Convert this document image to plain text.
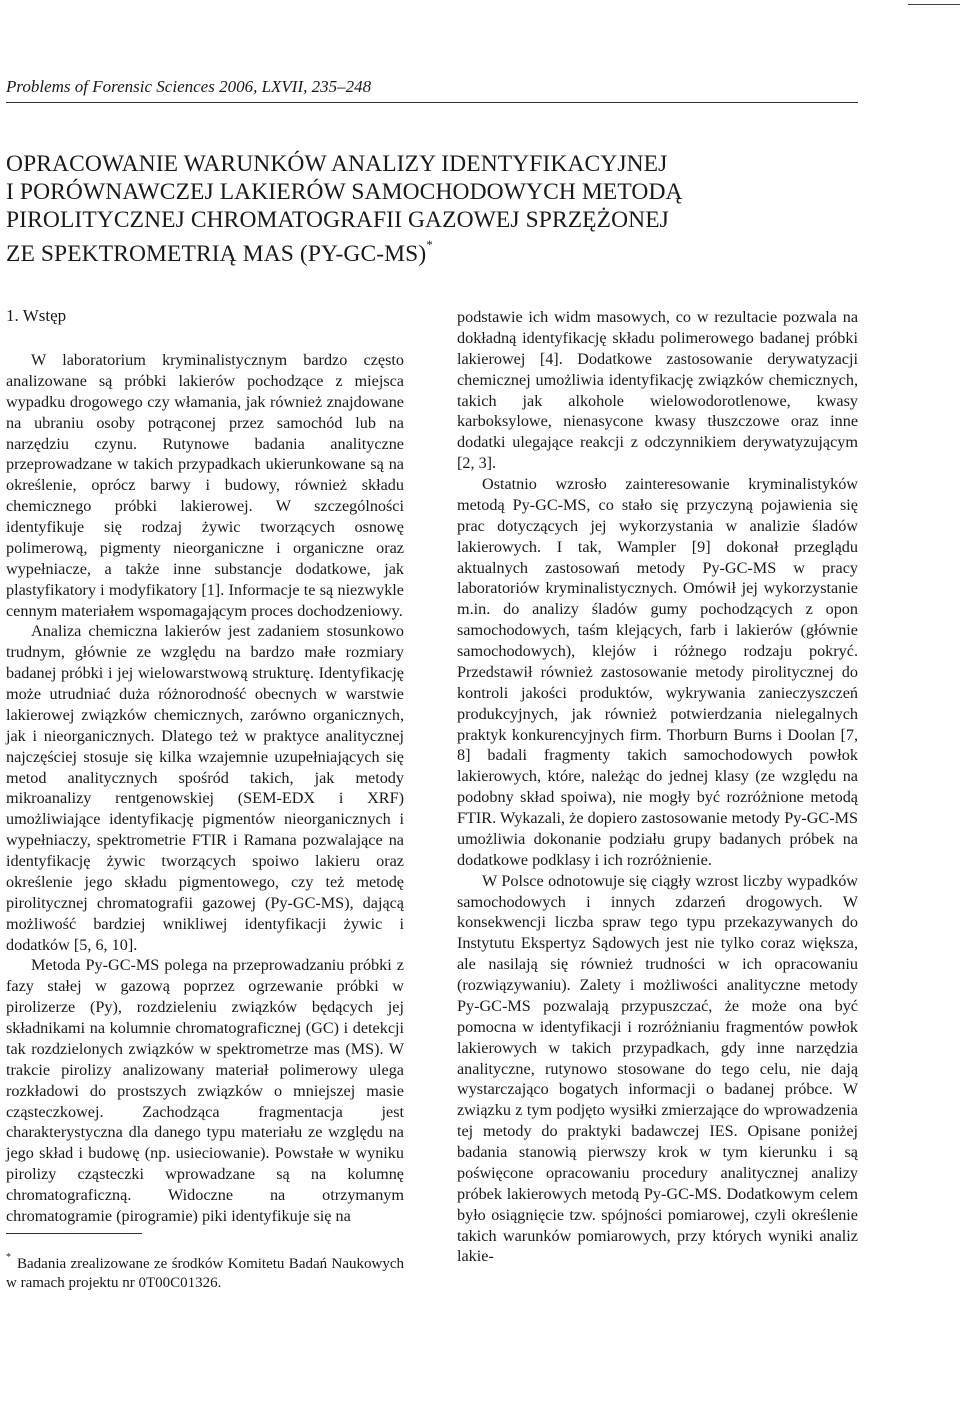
Problems of Forensic Sciences 2006, LXVII, 235–248
OPRACOWANIE WARUNKÓW ANALIZY IDENTYFIKACYJNEJ
I PORÓWNAWCZEJ LAKIERÓW SAMOCHODOWYCH METODĄ
PIROLITYCZNEJ CHROMATOGRAFII GAZOWEJ SPRZĘŻONEJ
ZE SPEKTROMETRIĄ MAS (PY-GC-MS)*
1. Wstęp

W laboratorium kryminalistycznym bardzo często analizowane są próbki lakierów pochodzące z miejsca wypadku drogowego czy włamania, jak również znajdowane na ubraniu osoby potrąconej przez samochód lub na narzędziu czynu. Rutynowe badania analityczne przeprowadzane w takich przypadkach ukierunkowane są na określenie, oprócz barwy i budowy, również składu chemicznego próbki lakierowej. W szczególności identyfikuje się rodzaj żywic tworzących osnowę polimerową, pigmenty nieorganiczne i organiczne oraz wypełniacze, a także inne substancje dodatkowe, jak plastyfikatory i modyfikatory [1]. Informacje te są niezwykle cennym materiałem wspomagającym proces dochodzeniowy.

Analiza chemiczna lakierów jest zadaniem stosunkowo trudnym, głównie ze względu na bardzo małe rozmiary badanej próbki i jej wielowarstwową strukturę. Identyfikację może utrudniać duża różnorodność obecnych w warstwie lakierowej związków chemicznych, zarówno organicznych, jak i nieorganicznych. Dlatego też w praktyce analitycznej najczęściej stosuje się kilka wzajemnie uzupełniających się metod analitycznych spośród takich, jak metody mikroanalizy rentgenowskiej (SEM-EDX i XRF) umożliwiające identyfikację pigmentów nieorganicznych i wypełniaczy, spektrometrie FTIR i Ramana pozwalające na identyfikację żywic tworzących spoiwo lakieru oraz określenie jego składu pigmentowego, czy też metodę pirolitycznej chromatografii gazowej (Py-GC-MS), dającą możliwość bardziej wnikliwej identyfikacji żywic i dodatków [5, 6, 10].

Metoda Py-GC-MS polega na przeprowadzaniu próbki z fazy stałej w gazową poprzez ogrzewanie próbki w pirolizerze (Py), rozdzieleniu związków będących jej składnikami na kolumnie chromatograficznej (GC) i detekcji tak rozdzielonych związków w spektrometrze mas (MS). W trakcie pirolizy analizowany materiał polimerowy ulega rozkładowi do prostszych związków o mniejszej masie cząsteczkowej. Zachodząca fragmentacja jest charakterystyczna dla danego typu materiału ze względu na jego skład i budowę (np. usieciowanie). Powstałe w wyniku pirolizy cząsteczki wprowadzane są na kolumnę chromatograficzną. Widoczne na otrzymanym chromatogramie (pirogramie) piki identyfikuje się na

podstawie ich widm masowych, co w rezultacie pozwala na dokładną identyfikację składu polimerowego badanej próbki lakierowej [4]. Dodatkowe zastosowanie derywatyzacji chemicznej umożliwia identyfikację związków chemicznych, takich jak alkohole wielowodorotlenowe, kwasy karboksylowe, nienasycone kwasy tłuszczowe oraz inne dodatki ulegające reakcji z odczynnikiem derywatyzującym [2, 3].

Ostatnio wzrosło zainteresowanie kryminalistyków metodą Py-GC-MS, co stało się przyczyną pojawienia się prac dotyczących jej wykorzystania w analizie śladów lakierowych. I tak, Wampler [9] dokonał przeglądu aktualnych zastosowań metody Py-GC-MS w pracy laboratoriów kryminalistycznych. Omówił jej wykorzystanie m.in. do analizy śladów gumy pochodzących z opon samochodowych, taśm klejących, farb i lakierów (głównie samochodowych), klejów i różnego rodzaju pokryć. Przedstawił również zastosowanie metody pirolitycznej do kontroli jakości produktów, wykrywania zanieczyszczeń produkcyjnych, jak również potwierdzania nielegalnych praktyk konkurencyjnych firm. Thorburn Burns i Doolan [7, 8] badali fragmenty takich samochodowych powłok lakierowych, które, należąc do jednej klasy (ze względu na podobny skład spoiwa), nie mogły być rozróżnione metodą FTIR. Wykazali, że dopiero zastosowanie metody Py-GC-MS umożliwia dokonanie podziału grupy badanych próbek na dodatkowe podklasy i ich rozróżnienie.

W Polsce odnotowuje się ciągły wzrost liczby wypadków samochodowych i innych zdarzeń drogowych. W konsekwencji liczba spraw tego typu przekazywanych do Instytutu Ekspertyz Sądowych jest nie tylko coraz większa, ale nasilają się również trudności w ich opracowaniu (rozwiązywaniu). Zalety i możliwości analityczne metody Py-GC-MS pozwalają przypuszczać, że może ona być pomocna w identyfikacji i rozróżnianiu fragmentów powłok lakierowych w takich przypadkach, gdy inne narzędzia analityczne, rutynowo stosowane do tego celu, nie dają wystarczająco bogatych informacji o badanej próbce. W związku z tym podjęto wysiłki zmierzające do wprowadzenia tej metody do praktyki badawczej IES. Opisane poniżej badania stanowią pierwszy krok w tym kierunku i są poświęcone opracowaniu procedury analitycznej analizy próbek lakierowych metodą Py-GC-MS. Dodatkowym celem było osiągnięcie tzw. spójności pomiarowej, czyli określenie takich warunków pomiarowych, przy których wyniki analiz lakie-

* Badania zrealizowane ze środków Komitetu Badań Naukowych w ramach projektu nr 0T00C01326.
